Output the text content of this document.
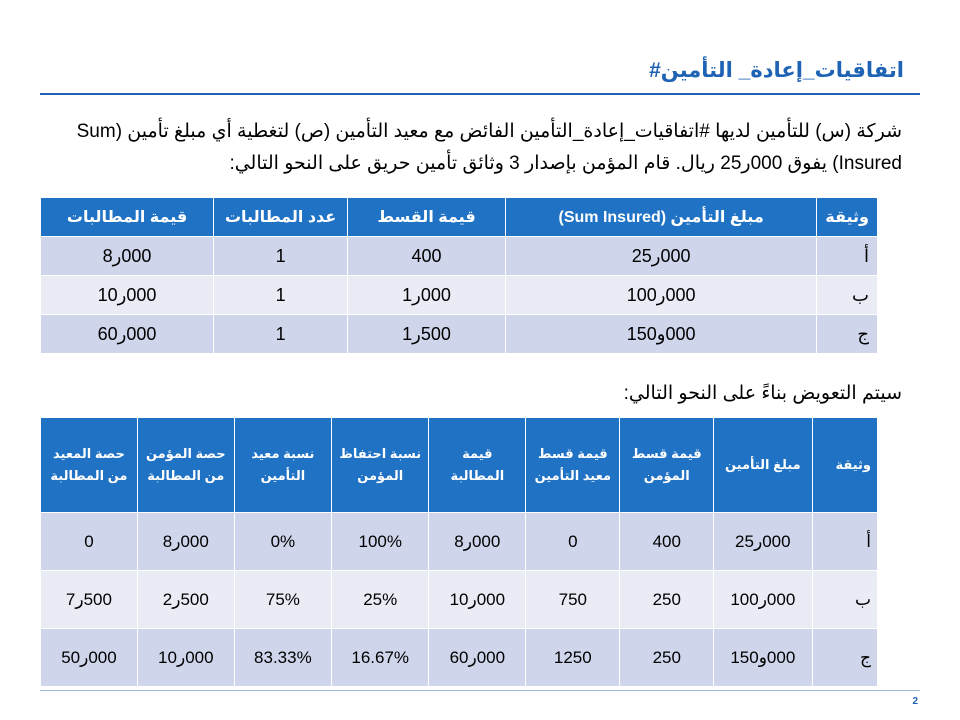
#اتفاقيات_إعادة_ التأمين
شركة (س) للتأمين لديها #اتفاقيات_إعادة_التأمين الفائض مع معيد التأمين (ص) لتغطية أي مبلغ تأمين (Sum Insured) يفوق 000ر25 ريال. قام المؤمن بإصدار 3 وثائق تأمين حريق على النحو التالي:
وثيقة	مبلغ التأمين (Sum Insured)	قيمة القسط	عدد المطالبات	قيمة المطالبات
أ	000ر25	400	1	000ر8
ب	000ر100	000ر1	1	000ر10
ج	000و150	500ر1	1	000ر60
سيتم التعويض بناءً على النحو التالي:
وثيقة	مبلغ التأمين	قيمة قسط المؤمن	قيمة قسط معيد التأمين	قيمة المطالبة	نسبة احتفاظ المؤمن	نسبة معيد التأمين	حصة المؤمن من المطالبة	حصة المعيد من المطالبة
أ	000ر25	400	0	000ر8	100%	0%	000ر8	0
ب	000ر100	250	750	000ر10	25%	75%	500ر2	500ر7
ج	000و150	250	1250	000ر60	16.67%	83.33%	000ر10	000ر50
2
